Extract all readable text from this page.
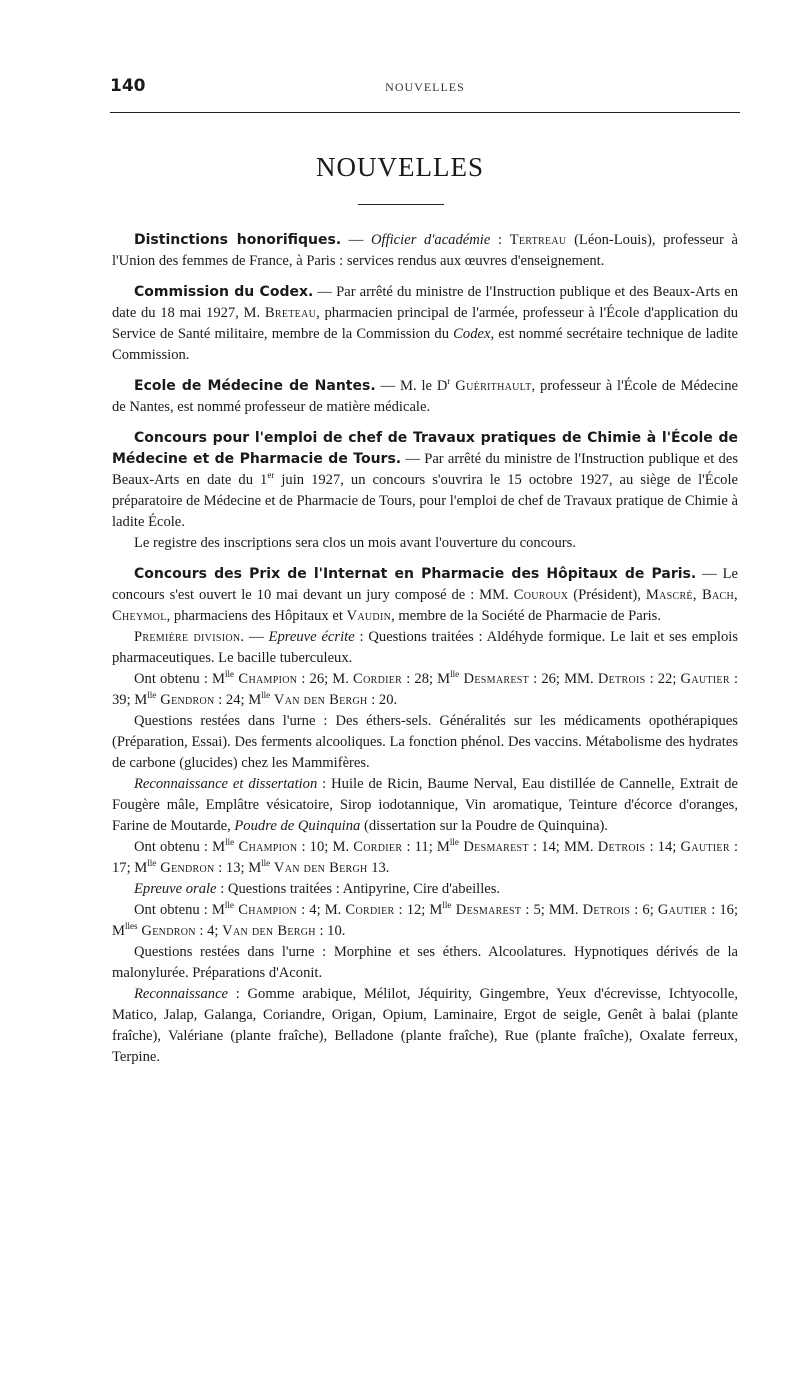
140	NOUVELLES
NOUVELLES

Distinctions honorifiques. — Officier d'académie : Tertreau (Léon-Louis), professeur à l'Union des femmes de France, à Paris : services rendus aux œuvres d'enseignement.

Commission du Codex. — Par arrêté du ministre de l'Instruction publique et des Beaux-Arts en date du 18 mai 1927, M. Breteau, pharmacien principal de l'armée, professeur à l'École d'application du Service de Santé militaire, membre de la Commission du Codex, est nommé secrétaire technique de ladite Commission.

Ecole de Médecine de Nantes. — M. le $D^r$ Guérithault, professeur à l'École de Médecine de Nantes, est nommé professeur de matière médicale.

Concours pour l'emploi de chef de Travaux pratiques de Chimie à l'École de Médecine et de Pharmacie de Tours. — Par arrêté du ministre de l'Instruction publique et des Beaux-Arts en date du 1er juin 1927, un concours s'ouvrira le 15 octobre 1927, au siège de l'École préparatoire de Médecine et de Pharmacie de Tours, pour l'emploi de chef de Travaux pratique de Chimie à ladite École.

Le registre des inscriptions sera clos un mois avant l'ouverture du concours.

Concours des Prix de l'Internat en Pharmacie des Hôpitaux de Paris. — Le concours s'est ouvert le 10 mai devant un jury composé de : MM. Couroux (Président), Mascré, Bach, Cheymol, pharmaciens des Hôpitaux et Vaudin, membre de la Société de Pharmacie de Paris.

Première division. — Epreuve écrite : Questions traitées : Aldéhyde formique. Le lait et ses emplois pharmaceutiques. Le bacille tuberculeux.

Ont obtenu : $M^{lle}$ Champion : 26; M. Cordier : 28; $M^{lle}$ Desmarest : 26; MM. Detrois : 22; Gautier : 39; $M^{lle}$ Gendron : 24; $M^{lle}$ Van den Bergh : 20.

Questions restées dans l'urne : Des éthers-sels. Généralités sur les médicaments opothérapiques (Préparation, Essai). Des ferments alcooliques. La fonction phénol. Des vaccins. Métabolisme des hydrates de carbone (glucides) chez les Mammifères.

Reconnaissance et dissertation : Huile de Ricin, Baume Nerval, Eau distillée de Cannelle, Extrait de Fougère mâle, Emplâtre vésicatoire, Sirop iodotannique, Vin aromatique, Teinture d'écorce d'oranges, Farine de Moutarde, Poudre de Quinquina (dissertation sur la Poudre de Quinquina).

Ont obtenu : $M^{lle}$ Champion : 10; M. Cordier : 11; $M^{lle}$ Desmarest : 14; MM. Detrois : 14; Gautier : 17; $M^{lle}$ Gendron : 13; $M^{lle}$ Van den Bergh 13.

Epreuve orale : Questions traitées : Antipyrine, Cire d'abeilles.

Ont obtenu : $M^{lle}$ Champion : 4; M. Cordier : 12; $M^{lle}$ Desmarest : 5; MM. Detrois : 6; Gautier : 16; $M^{lles}$ Gendron : 4; Van den Bergh : 10.

Questions restées dans l'urne : Morphine et ses éthers. Alcoolatures. Hypnotiques dérivés de la malonylurée. Préparations d'Aconit.

Reconnaissance : Gomme arabique, Mélilot, Jéquirity, Gingembre, Yeux d'écrevisse, Ichtyocolle, Matico, Jalap, Galanga, Coriandre, Origan, Opium, Laminaire, Ergot de seigle, Genêt à balai (plante fraîche), Valériane (plante fraîche), Belladone (plante fraîche), Rue (plante fraîche), Oxalate ferreux, Terpine.
